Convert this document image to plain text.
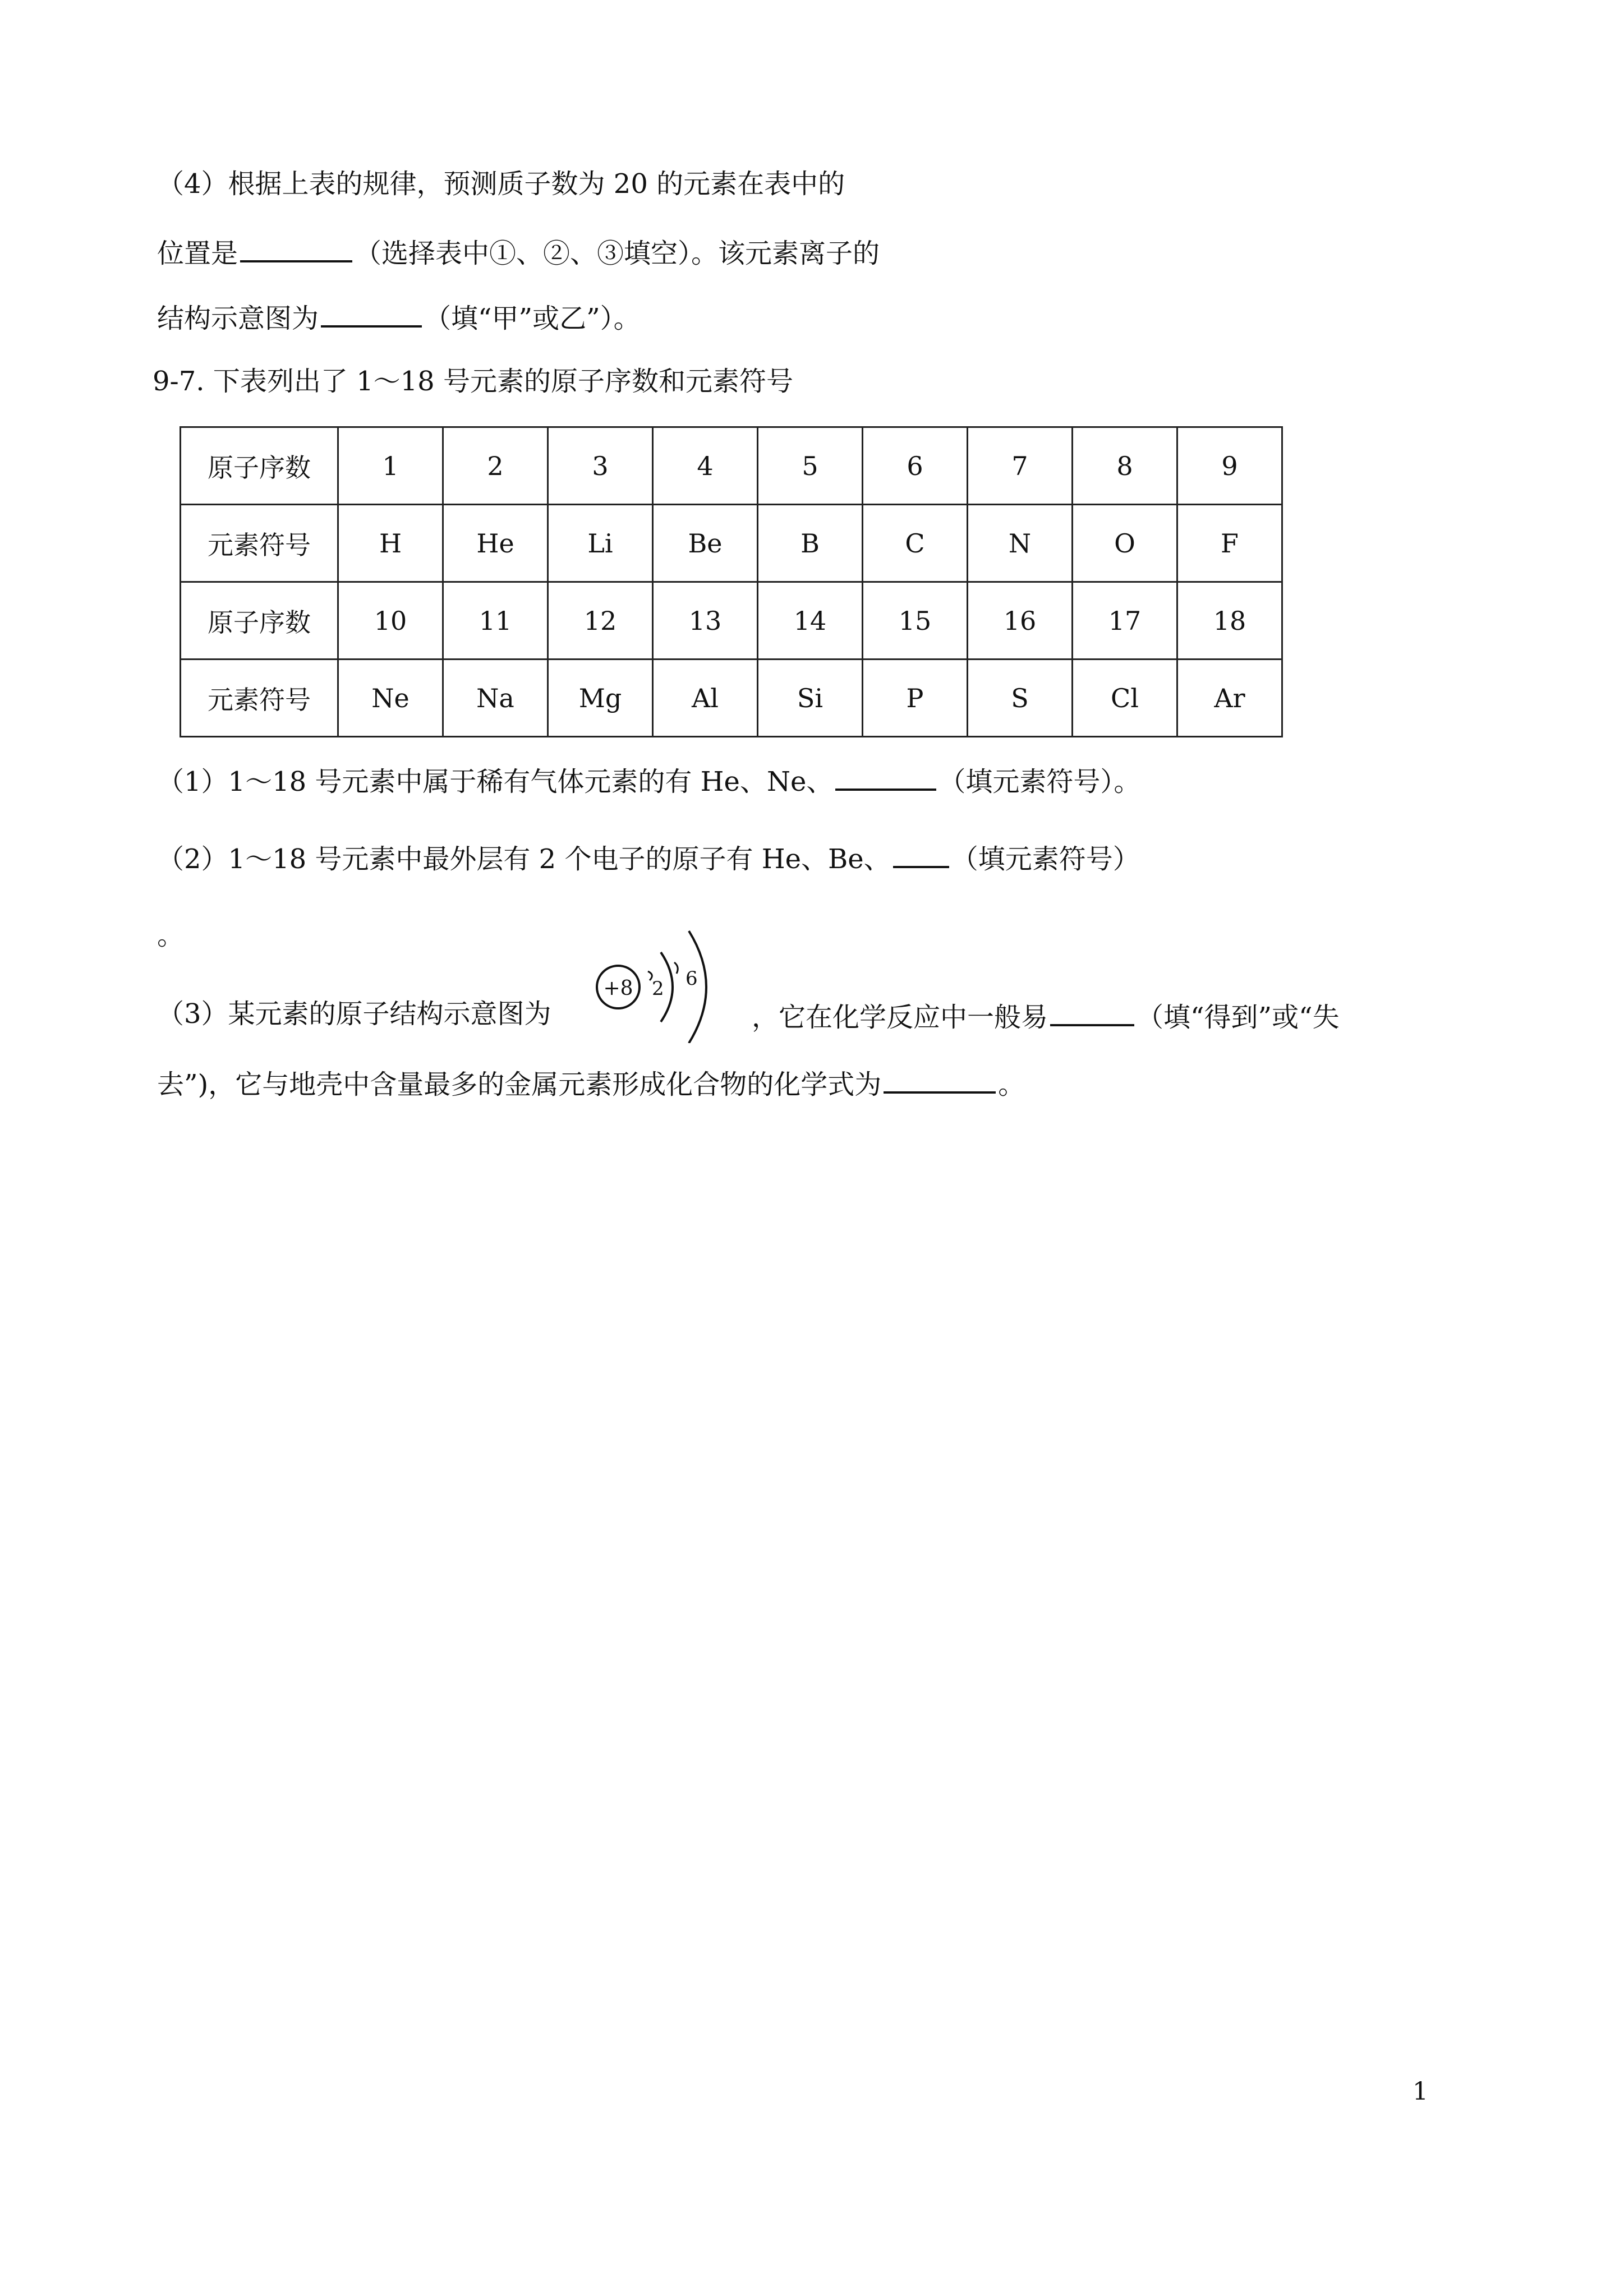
（4）根据上表的规律，预测质子数为 20 的元素在表中的
位置是	（选择表中①、②、③填空）。该元素离子的
结构示意图为	（填“甲”或乙”）。
9-7. 下表列出了 1～18 号元素的原子序数和元素符号
原子序数	1	2	3	4	5	6	7	8	9
元素符号	H	He	Li	Be	B	C	N	O	F
原子序数	10	11	12	13	14	15	16	17	18
元素符号	Ne	Na	Mg	Al	Si	P	S	Cl	Ar
（1）1～18 号元素中属于稀有气体元素的有 He、Ne、	（填元素符号）。
（2）1～18 号元素中最外层有 2 个电子的原子有 He、Be、 （填元素符号）
。
（3）某元素的原子结构示意图为
+8 2 6
，它在化学反应中一般易	（填“得到”或“失
去”)，它与地壳中含量最多的金属元素形成化合物的化学式为	。
1
